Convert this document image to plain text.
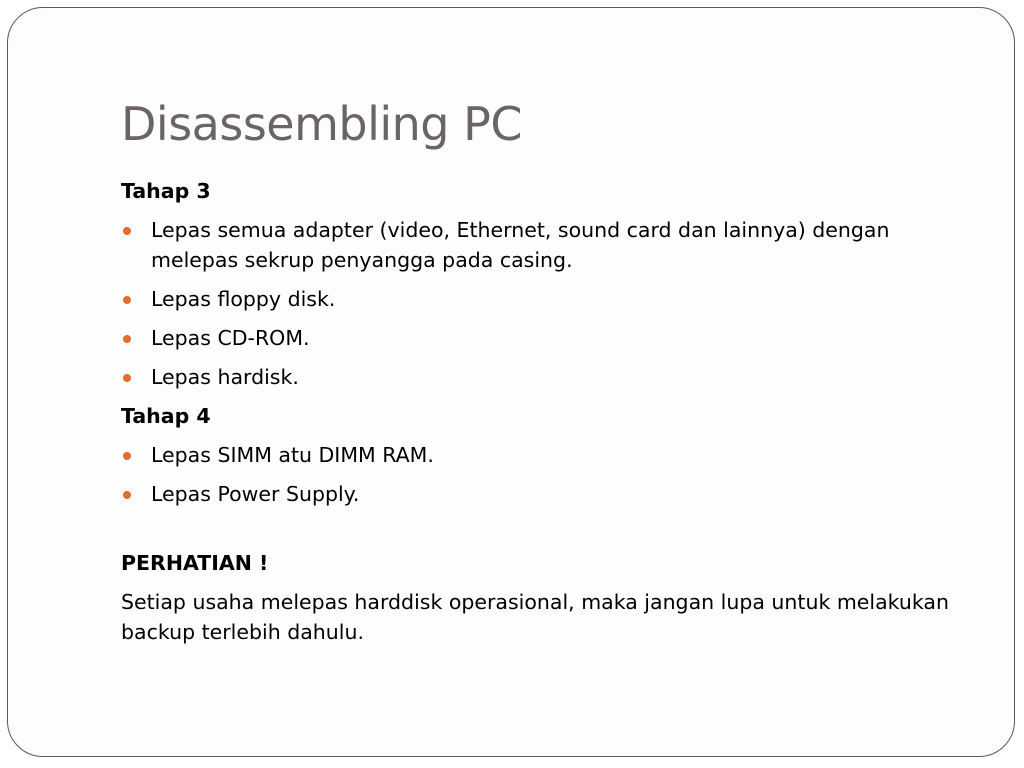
Disassembling PC
Tahap 3
Lepas semua adapter (video, Ethernet, sound card dan lainnya) dengan melepas sekrup penyangga pada casing.
Lepas floppy disk.
Lepas CD-ROM.
Lepas hardisk.
Tahap 4
Lepas SIMM atu DIMM RAM.
Lepas Power Supply.
PERHATIAN !
Setiap usaha melepas harddisk operasional, maka jangan lupa untuk melakukan backup terlebih dahulu.
